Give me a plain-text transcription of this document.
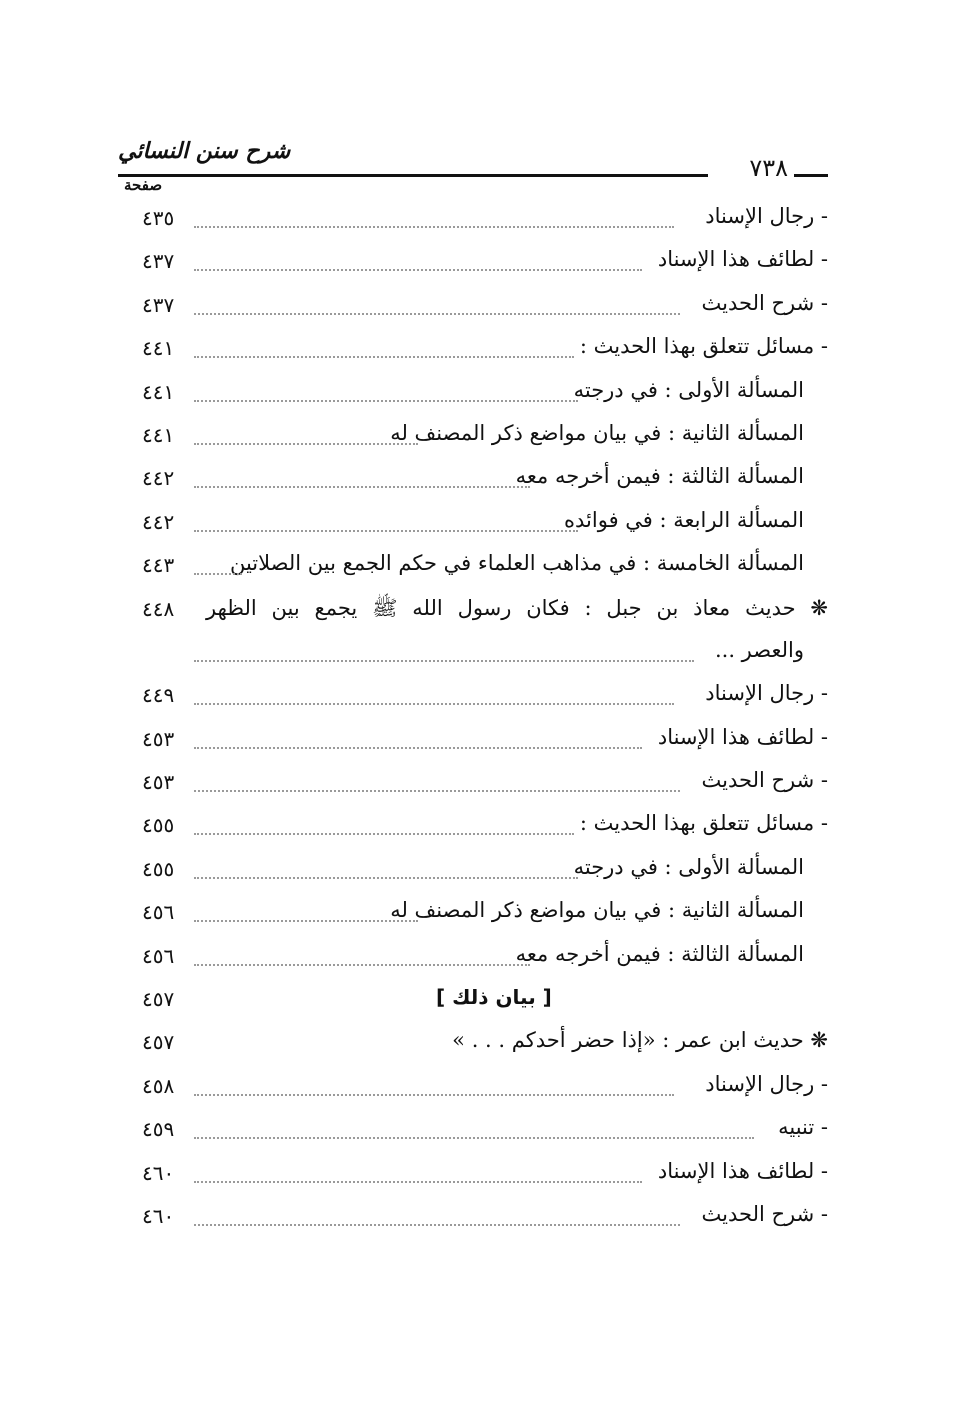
شرح سنن النسائي
٧٣٨
صفحة
- رجال الإسناد
٤٣٥
- لطائف هذا الإسناد
٤٣٧
- شرح الحديث
٤٣٧
- مسائل تتعلق بهذا الحديث :
٤٤١
المسألة الأولى : في درجته
٤٤١
المسألة الثانية : في بيان مواضع ذكر المصنف له
٤٤١
المسألة الثالثة : فيمن أخرجه معه
٤٤٢
المسألة الرابعة : في فوائده
٤٤٢
المسألة الخامسة : في مذاهب العلماء في حكم الجمع بين الصلاتين
٤٤٣
❋ حديث معاذ بن جبل : فكان رسول الله ﷺ يجمع بين الظهر
٤٤٨
والعصر ...
- رجال الإسناد
٤٤٩
- لطائف هذا الإسناد
٤٥٣
- شرح الحديث
٤٥٣
- مسائل تتعلق بهذا الحديث :
٤٥٥
المسألة الأولى : في درجته
٤٥٥
المسألة الثانية : في بيان مواضع ذكر المصنف له
٤٥٦
المسألة الثالثة : فيمن أخرجه معه
٤٥٦
[ بيان ذلك ]
٤٥٧
❋ حديث ابن عمر : «إذا حضر أحدكم . . . »
٤٥٧
- رجال الإسناد
٤٥٨
- تنبيه
٤٥٩
- لطائف هذا الإسناد
٤٦٠
- شرح الحديث
٤٦٠
